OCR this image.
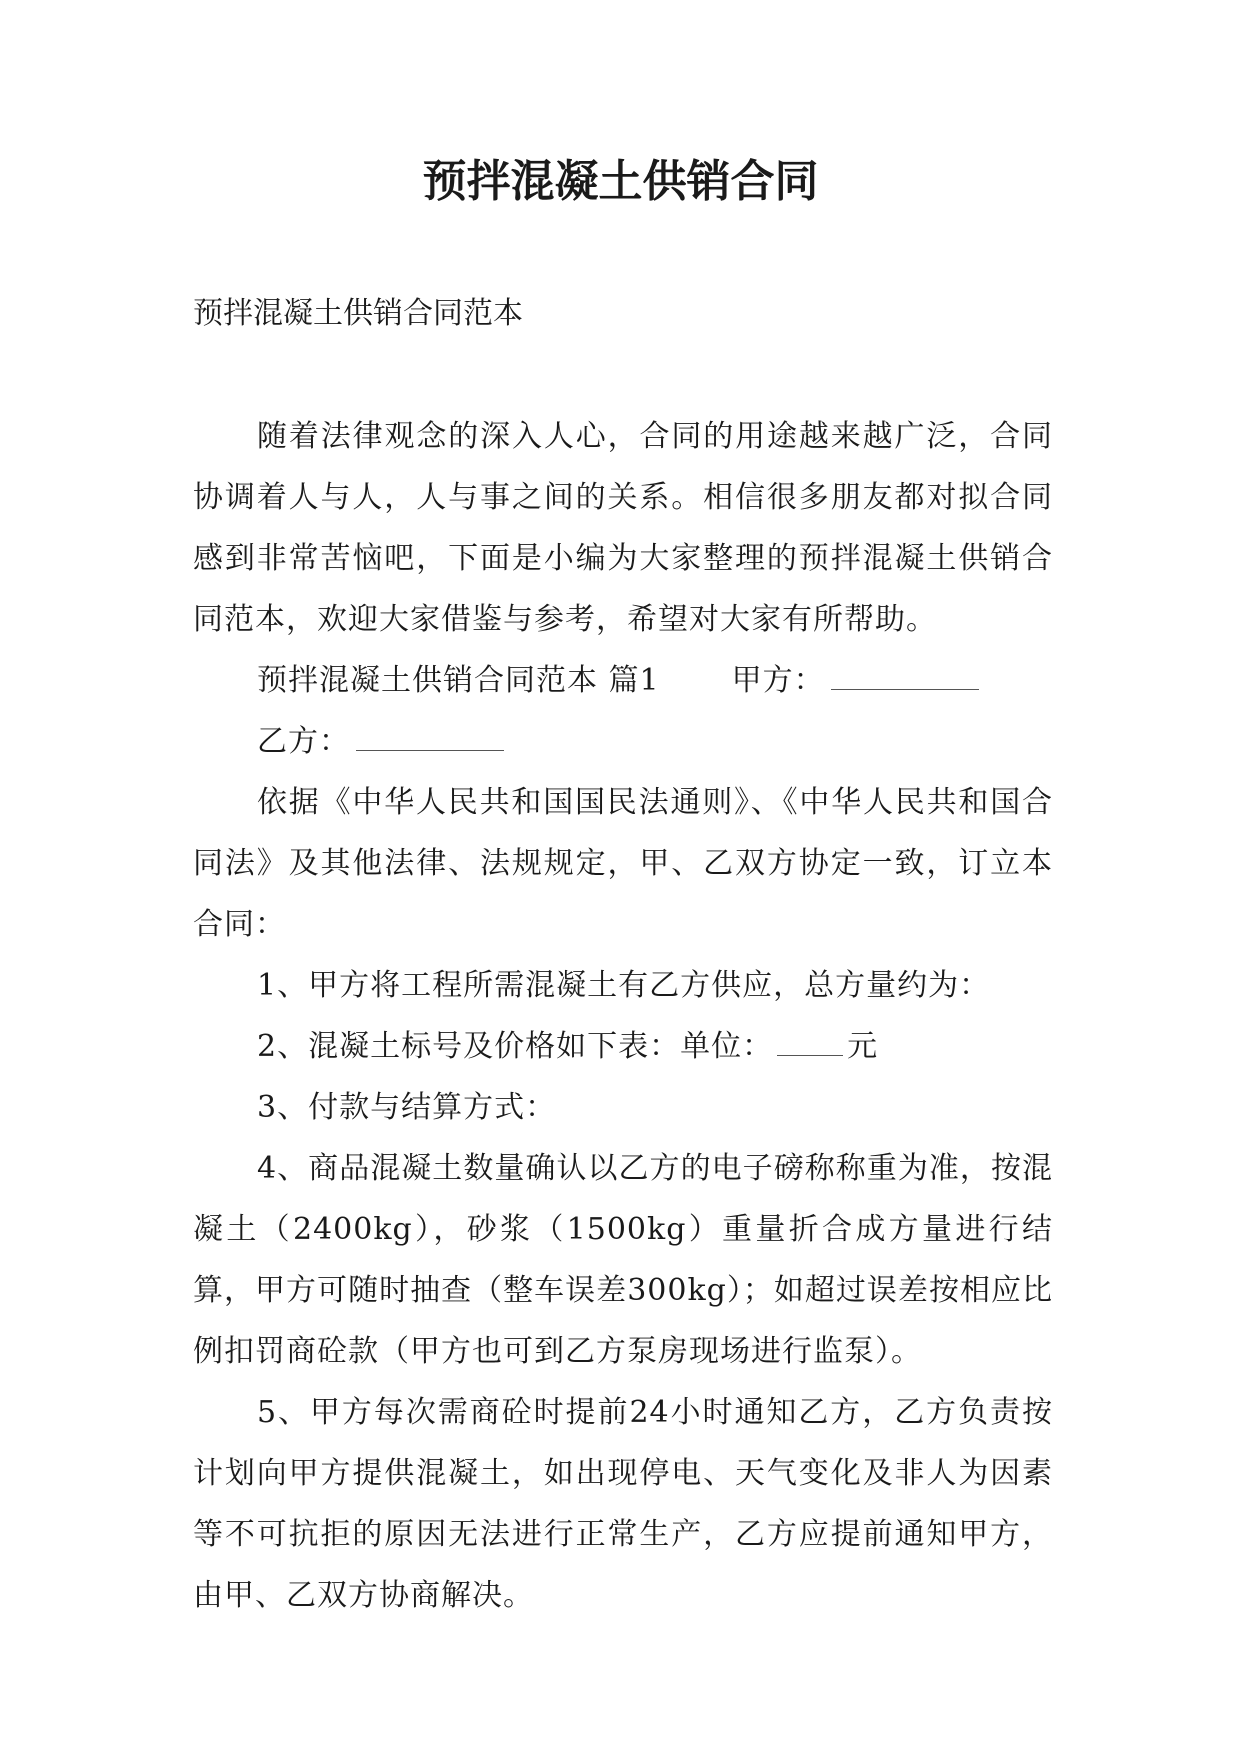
预拌混凝土供销合同

预拌混凝土供销合同范本

随着法律观念的深入人心，合同的用途越来越广泛，合同协调着人与人，人与事之间的关系。相信很多朋友都对拟合同感到非常苦恼吧，下面是小编为大家整理的预拌混凝土供销合同范本，欢迎大家借鉴与参考，希望对大家有所帮助。

预拌混凝土供销合同范本 篇1 甲方：

乙方：

依据《中华人民共和国国民法通则》、《中华人民共和国合同法》及其他法律、法规规定，甲、乙双方协定一致，订立本合同：

1、甲方将工程所需混凝土有乙方供应，总方量约为：

2、混凝土标号及价格如下表：单位： 元

3、付款与结算方式：

4、商品混凝土数量确认以乙方的电子磅称称重为准，按混凝土（2400kg），砂浆（1500kg）重量折合成方量进行结算，甲方可随时抽查（整车误差300kg）；如超过误差按相应比例扣罚商砼款（甲方也可到乙方泵房现场进行监泵）。

5、甲方每次需商砼时提前24小时通知乙方，乙方负责按计划向甲方提供混凝土，如出现停电、天气变化及非人为因素等不可抗拒的原因无法进行正常生产，乙方应提前通知甲方，由甲、乙双方协商解决。
